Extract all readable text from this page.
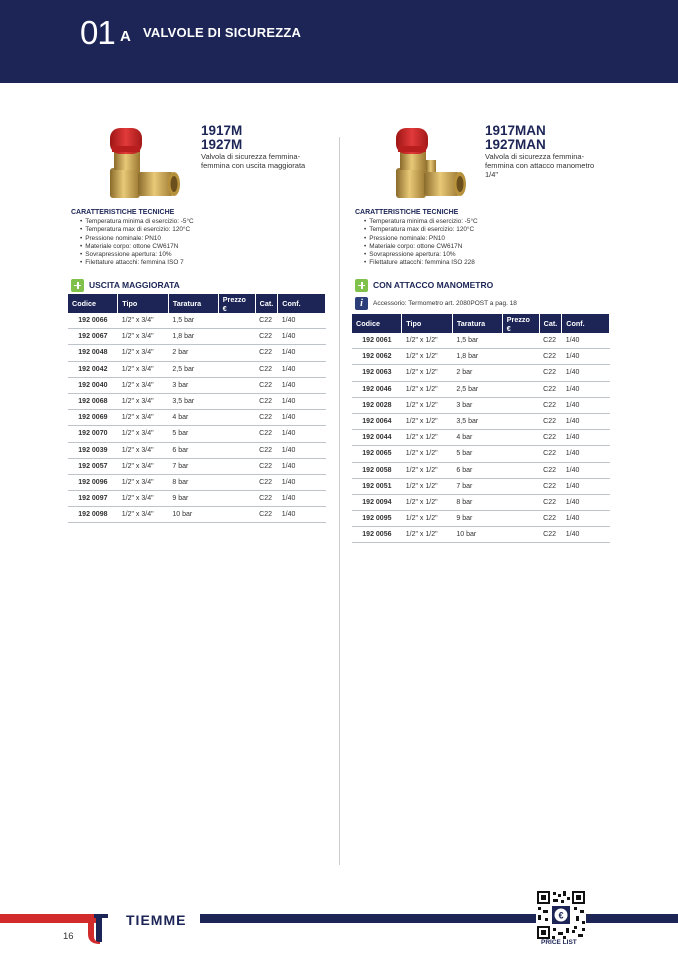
01 A VALVOLE DI SICUREZZA
1917M
1927M
Valvola di sicurezza femmina-femmina con uscita maggiorata
CARATTERISTICHE TECNICHE
• Temperatura minima di esercizio: -5°C
• Temperatura max di esercizio: 120°C
• Pressione nominale: PN10
• Materiale corpo: ottone CW617N
• Sovrapressione apertura: 10%
• Filettature attacchi: femmina ISO 7
USCITA MAGGIORATA
Codice	Tipo	Taratura	Prezzo €	Cat.	Conf.
192 0066	1/2" x 3/4"	1,5 bar		C22	1/40
192 0067	1/2" x 3/4"	1,8 bar		C22	1/40
192 0048	1/2" x 3/4"	2 bar		C22	1/40
192 0042	1/2" x 3/4"	2,5 bar		C22	1/40
192 0040	1/2" x 3/4"	3 bar		C22	1/40
192 0068	1/2" x 3/4"	3,5 bar		C22	1/40
192 0069	1/2" x 3/4"	4 bar		C22	1/40
192 0070	1/2" x 3/4"	5 bar		C22	1/40
192 0039	1/2" x 3/4"	6 bar		C22	1/40
192 0057	1/2" x 3/4"	7 bar		C22	1/40
192 0096	1/2" x 3/4"	8 bar		C22	1/40
192 0097	1/2" x 3/4"	9 bar		C22	1/40
192 0098	1/2" x 3/4"	10 bar		C22	1/40
1917MAN
1927MAN
Valvola di sicurezza femmina-femmina con attacco manometro 1/4"
CARATTERISTICHE TECNICHE
• Temperatura minima di esercizio: -5°C
• Temperatura max di esercizio: 120°C
• Pressione nominale: PN10
• Materiale corpo: ottone CW617N
• Sovrapressione apertura: 10%
• Filettature attacchi: femmina ISO 228
CON ATTACCO MANOMETRO
i	Accessorio: Termometro art. 2080POST a pag. 18
Codice	Tipo	Taratura	Prezzo €	Cat.	Conf.
192 0061	1/2" x 1/2"	1,5 bar		C22	1/40
192 0062	1/2" x 1/2"	1,8 bar		C22	1/40
192 0063	1/2" x 1/2"	2 bar		C22	1/40
192 0046	1/2" x 1/2"	2,5 bar		C22	1/40
192 0028	1/2" x 1/2"	3 bar		C22	1/40
192 0064	1/2" x 1/2"	3,5 bar		C22	1/40
192 0044	1/2" x 1/2"	4 bar		C22	1/40
192 0065	1/2" x 1/2"	5 bar		C22	1/40
192 0058	1/2" x 1/2"	6 bar		C22	1/40
192 0051	1/2" x 1/2"	7 bar		C22	1/40
192 0094	1/2" x 1/2"	8 bar		C22	1/40
192 0095	1/2" x 1/2"	9 bar		C22	1/40
192 0056	1/2" x 1/2"	10 bar		C22	1/40
TIEMME
16
€
PRICE LIST
